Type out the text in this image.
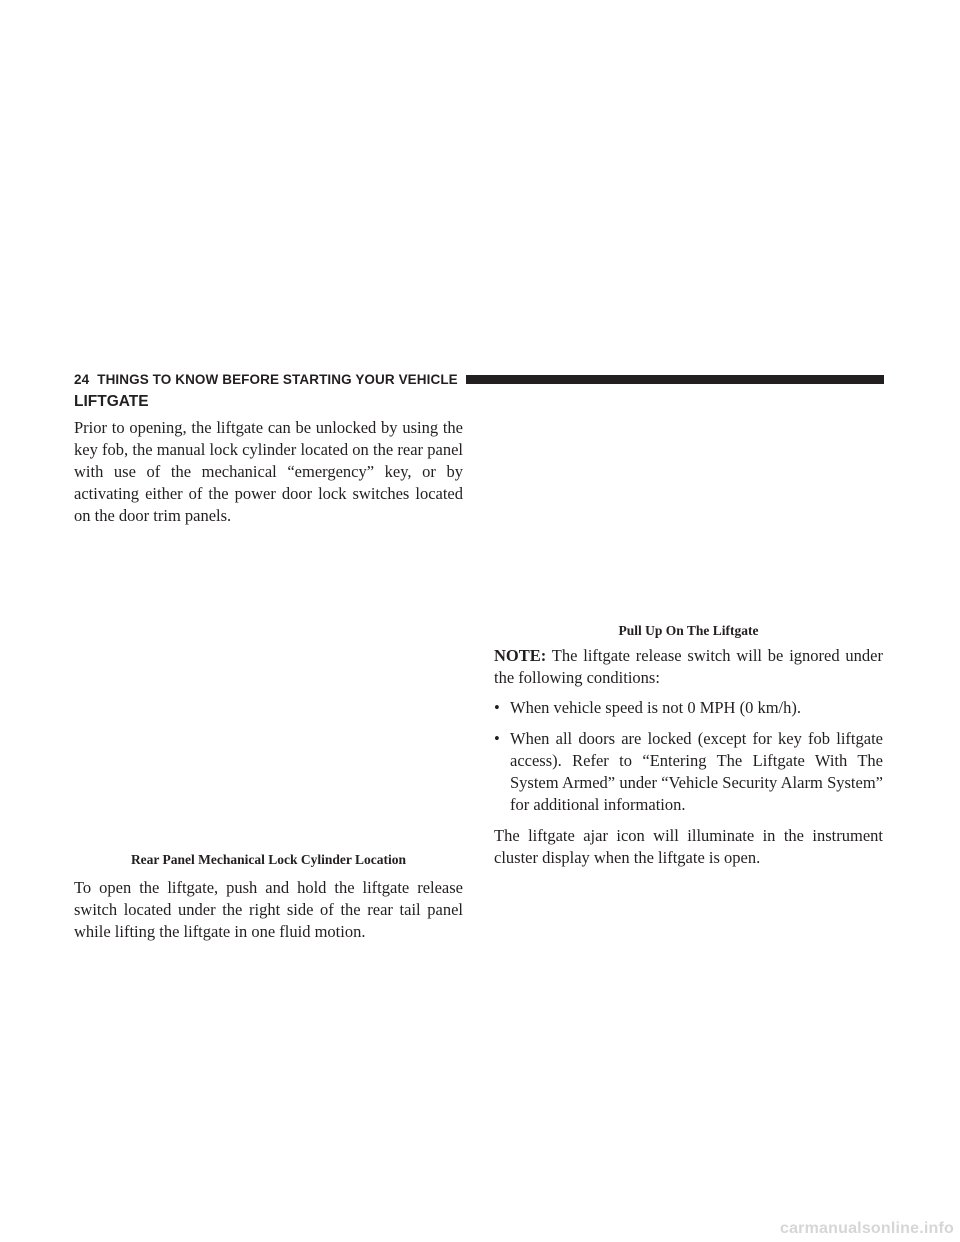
24 THINGS TO KNOW BEFORE STARTING YOUR VEHICLE
LIFTGATE

Prior to opening, the liftgate can be unlocked by using the key fob, the manual lock cylinder located on the rear panel with use of the mechanical “emergency” key, or by activating either of the power door lock switches located on the door trim panels.

Rear Panel Mechanical Lock Cylinder Location

To open the liftgate, push and hold the liftgate release switch located under the right side of the rear tail panel while lifting the liftgate in one fluid motion.

Pull Up On The Liftgate

NOTE: The liftgate release switch will be ignored under the following conditions:

• When vehicle speed is not 0 MPH (0 km/h).
• When all doors are locked (except for key fob liftgate access). Refer to “Entering The Liftgate With The System Armed” under “Vehicle Security Alarm System” for additional information.

The liftgate ajar icon will illuminate in the instrument cluster display when the liftgate is open.

carmanualsonline.info
